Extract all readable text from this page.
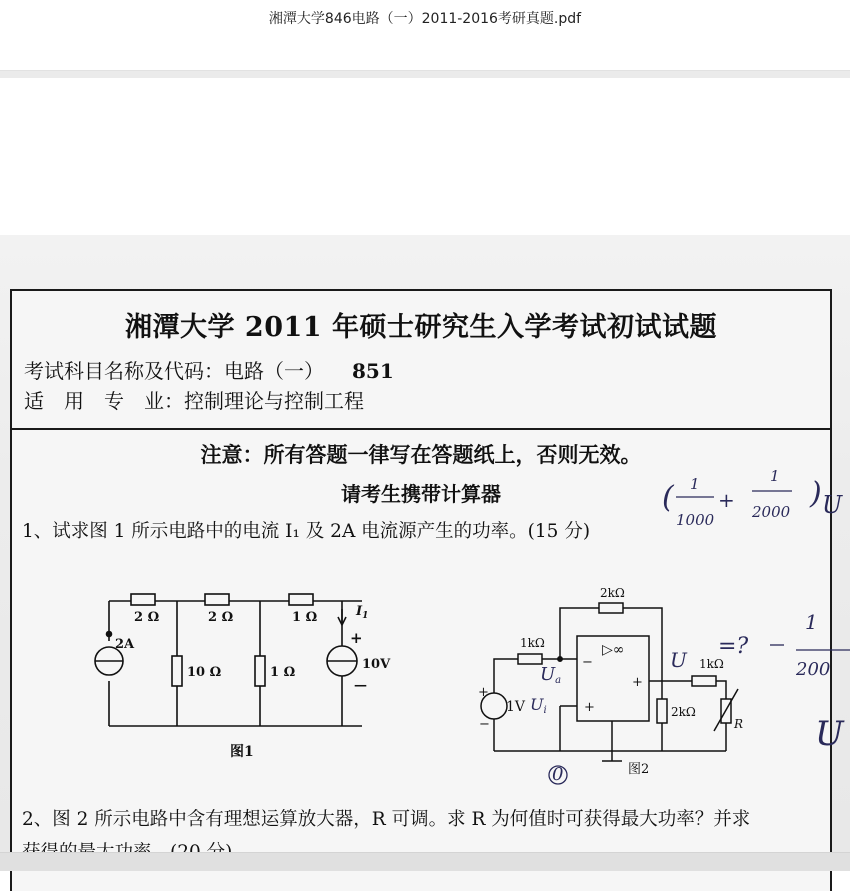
湘潭大学846电路（一）2011-2016考研真题.pdf
湘潭大学 2011 年硕士研究生入学考试初试试题
考试科目名称及代码：电路（一） 851
适　用　专　业：控制理论与控制工程
注意：所有答题一律写在答题纸上，否则无效。
请考生携带计算器
1、试求图 1 所示电路中的电流 I₁ 及 2A 电流源产生的功率。(15 分)
2 Ω	2 Ω	1 Ω
10 Ω	1 Ω
2A
10V
+
—
$I_1$
图1
2kΩ
1kΩ
1kΩ
2kΩ
R
1V
+
−
▷∞
−
+
+
图2
2、图 2 所示电路中含有理想运算放大器，R 可调。求 R 为何值时可获得最大功率？并求
( 1
1000
+
1
2000
) U
=?
1
200
U
Ua
Ui
U
0
